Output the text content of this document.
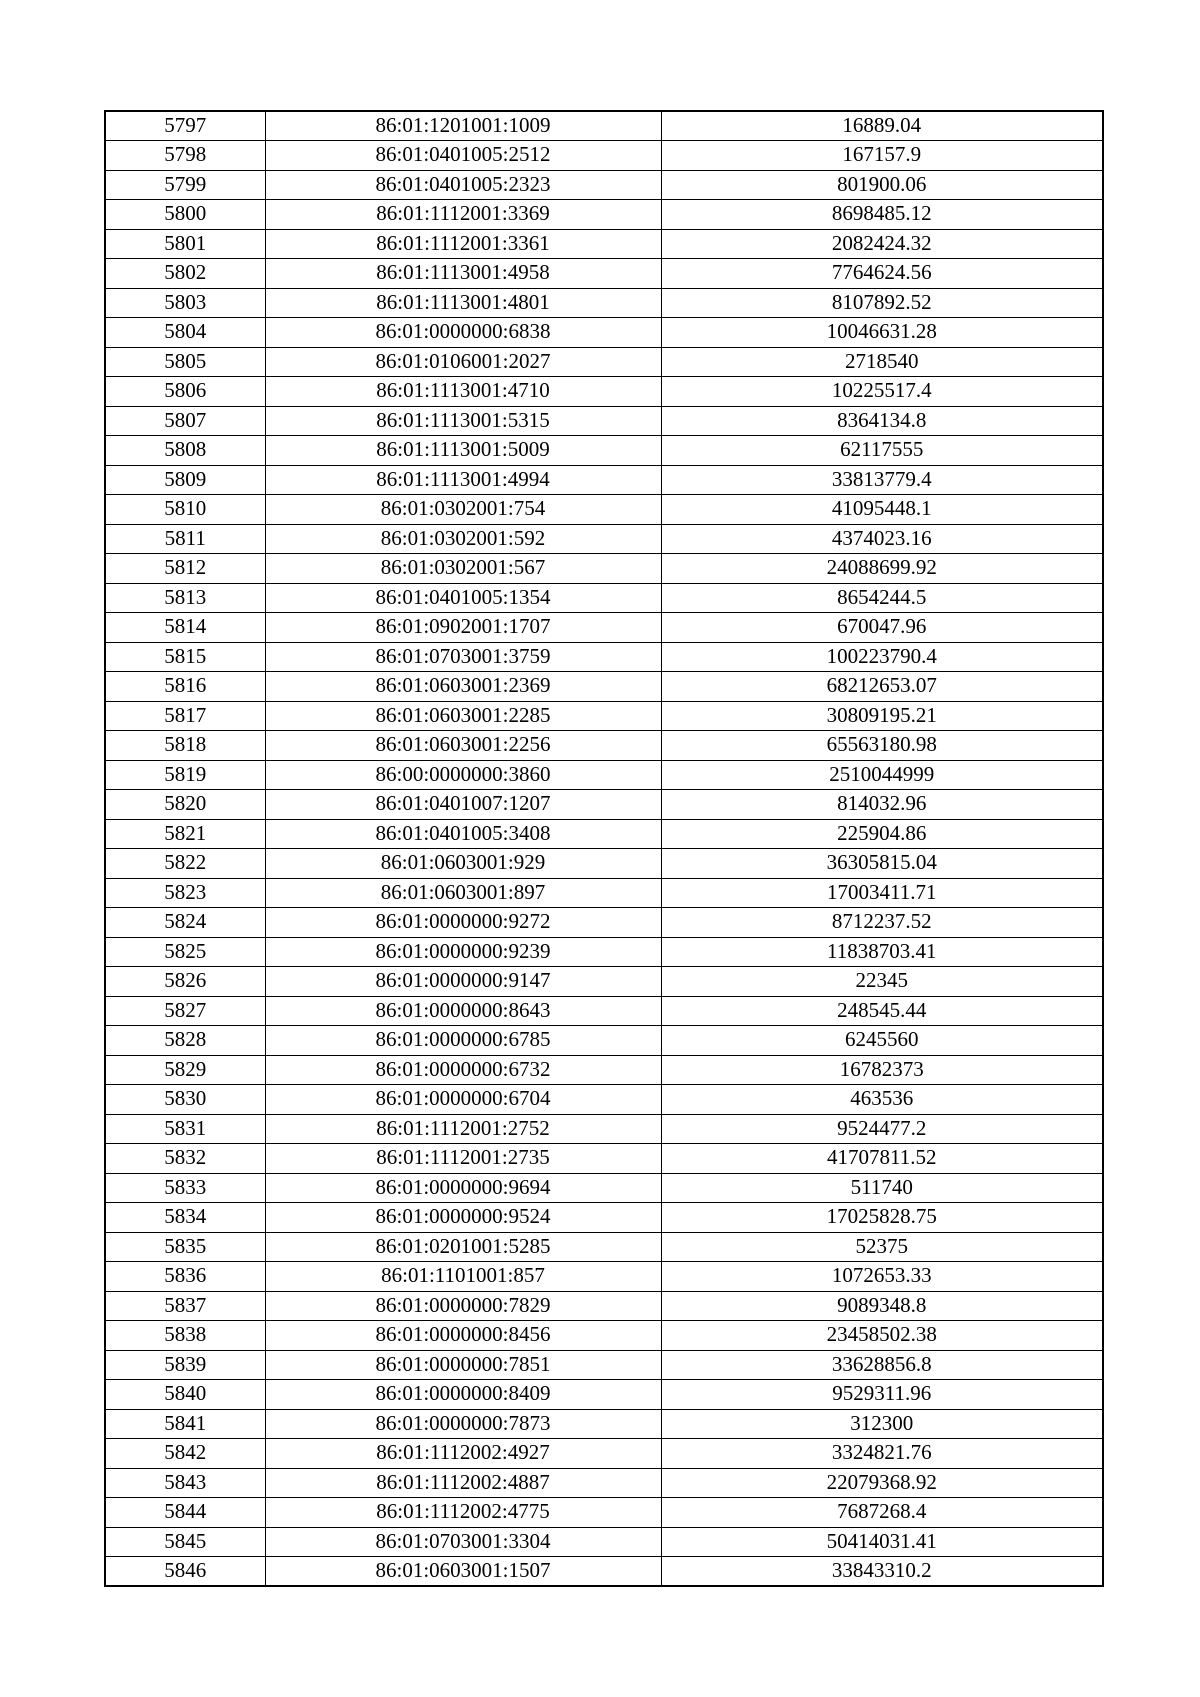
5797	86:01:1201001:1009	16889.04
5798	86:01:0401005:2512	167157.9
5799	86:01:0401005:2323	801900.06
5800	86:01:1112001:3369	8698485.12
5801	86:01:1112001:3361	2082424.32
5802	86:01:1113001:4958	7764624.56
5803	86:01:1113001:4801	8107892.52
5804	86:01:0000000:6838	10046631.28
5805	86:01:0106001:2027	2718540
5806	86:01:1113001:4710	10225517.4
5807	86:01:1113001:5315	8364134.8
5808	86:01:1113001:5009	62117555
5809	86:01:1113001:4994	33813779.4
5810	86:01:0302001:754	41095448.1
5811	86:01:0302001:592	4374023.16
5812	86:01:0302001:567	24088699.92
5813	86:01:0401005:1354	8654244.5
5814	86:01:0902001:1707	670047.96
5815	86:01:0703001:3759	100223790.4
5816	86:01:0603001:2369	68212653.07
5817	86:01:0603001:2285	30809195.21
5818	86:01:0603001:2256	65563180.98
5819	86:00:0000000:3860	2510044999
5820	86:01:0401007:1207	814032.96
5821	86:01:0401005:3408	225904.86
5822	86:01:0603001:929	36305815.04
5823	86:01:0603001:897	17003411.71
5824	86:01:0000000:9272	8712237.52
5825	86:01:0000000:9239	11838703.41
5826	86:01:0000000:9147	22345
5827	86:01:0000000:8643	248545.44
5828	86:01:0000000:6785	6245560
5829	86:01:0000000:6732	16782373
5830	86:01:0000000:6704	463536
5831	86:01:1112001:2752	9524477.2
5832	86:01:1112001:2735	41707811.52
5833	86:01:0000000:9694	511740
5834	86:01:0000000:9524	17025828.75
5835	86:01:0201001:5285	52375
5836	86:01:1101001:857	1072653.33
5837	86:01:0000000:7829	9089348.8
5838	86:01:0000000:8456	23458502.38
5839	86:01:0000000:7851	33628856.8
5840	86:01:0000000:8409	9529311.96
5841	86:01:0000000:7873	312300
5842	86:01:1112002:4927	3324821.76
5843	86:01:1112002:4887	22079368.92
5844	86:01:1112002:4775	7687268.4
5845	86:01:0703001:3304	50414031.41
5846	86:01:0603001:1507	33843310.2
